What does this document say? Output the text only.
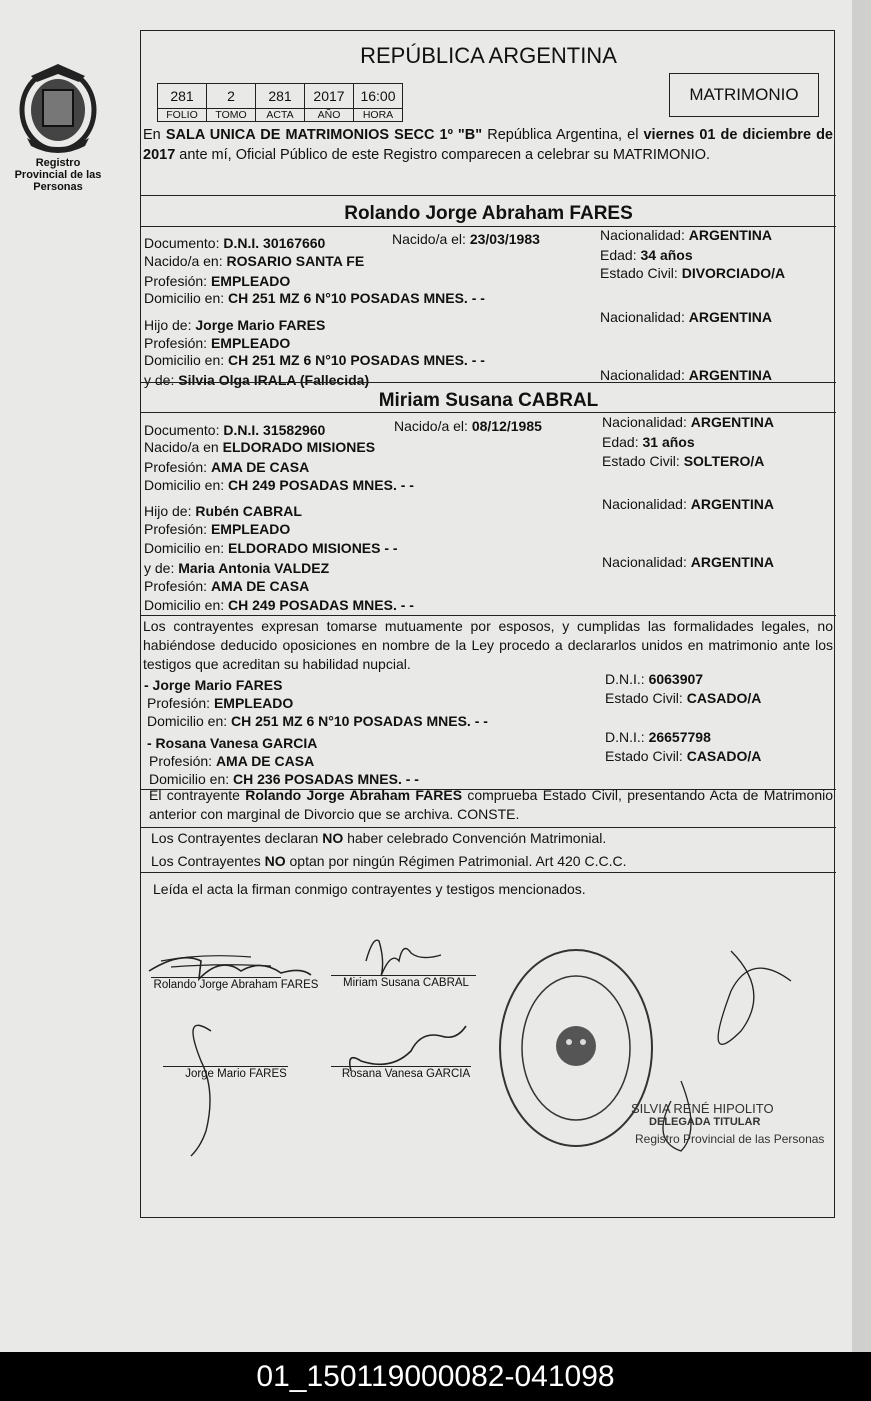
Registro Provincial de las Personas
REPÚBLICA ARGENTINA
281	2	281	2017	16:00
FOLIO	TOMO	ACTA	AÑO	HORA
MATRIMONIO
En SALA UNICA DE MATRIMONIOS SECC 1º "B" República Argentina, el viernes 01 de diciembre de 2017 ante mí, Oficial Público de este Registro comparecen a celebrar su MATRIMONIO.
Rolando Jorge Abraham FARES
Documento: D.N.I. 30167660	Nacido/a el: 23/03/1983	Nacionalidad: ARGENTINA
Nacido/a en: ROSARIO SANTA FE	Edad: 34 años
Profesión: EMPLEADO	Estado Civil: DIVORCIADO/A
Domicilio en: CH 251 MZ 6 N°10 POSADAS MNES. - -
Hijo de: Jorge Mario FARES	Nacionalidad: ARGENTINA
Profesión: EMPLEADO
Domicilio en: CH 251 MZ 6 N°10 POSADAS MNES. - -
y de: Silvia Olga IRALA (Fallecida)	Nacionalidad: ARGENTINA
Miriam Susana CABRAL
Documento: D.N.I. 31582960	Nacido/a el: 08/12/1985	Nacionalidad: ARGENTINA
Nacido/a en ELDORADO MISIONES	Edad: 31 años
Profesión: AMA DE CASA	Estado Civil: SOLTERO/A
Domicilio en: CH 249 POSADAS MNES. - -
Hijo de: Rubén CABRAL	Nacionalidad: ARGENTINA
Profesión: EMPLEADO
Domicilio en: ELDORADO MISIONES - -
y de: Maria Antonia VALDEZ	Nacionalidad: ARGENTINA
Profesión: AMA DE CASA
Domicilio en: CH 249 POSADAS MNES. - -
Los contrayentes expresan tomarse mutuamente por esposos, y cumplidas las formalidades legales, no habiéndose deducido oposiciones en nombre de la Ley procedo a declararlos unidos en matrimonio ante los testigos que acreditan su habilidad nupcial.
- Jorge Mario FARES	D.N.I.: 6063907
Profesión: EMPLEADO	Estado Civil: CASADO/A
Domicilio en: CH 251 MZ 6 N°10 POSADAS MNES. - -
- Rosana Vanesa GARCIA	D.N.I.: 26657798
Profesión: AMA DE CASA	Estado Civil: CASADO/A
Domicilio en: CH 236 POSADAS MNES. - -
El contrayente Rolando Jorge Abraham FARES comprueba Estado Civil, presentando Acta de Matrimonio anterior con marginal de Divorcio que se archiva. CONSTE.
Los Contrayentes declaran NO haber celebrado Convención Matrimonial.
Los Contrayentes NO optan por ningún Régimen Patrimonial. Art 420 C.C.C.
Leída el acta la firman conmigo contrayentes y testigos mencionados.
Rolando Jorge Abraham FARES	Miriam Susana CABRAL
Jorge Mario FARES	Rosana Vanesa GARCIA
SILVIA RENÉ HIPOLITO
DELEGADA TITULAR
Registro Provincial de las Personas
01_150119000082-041098
